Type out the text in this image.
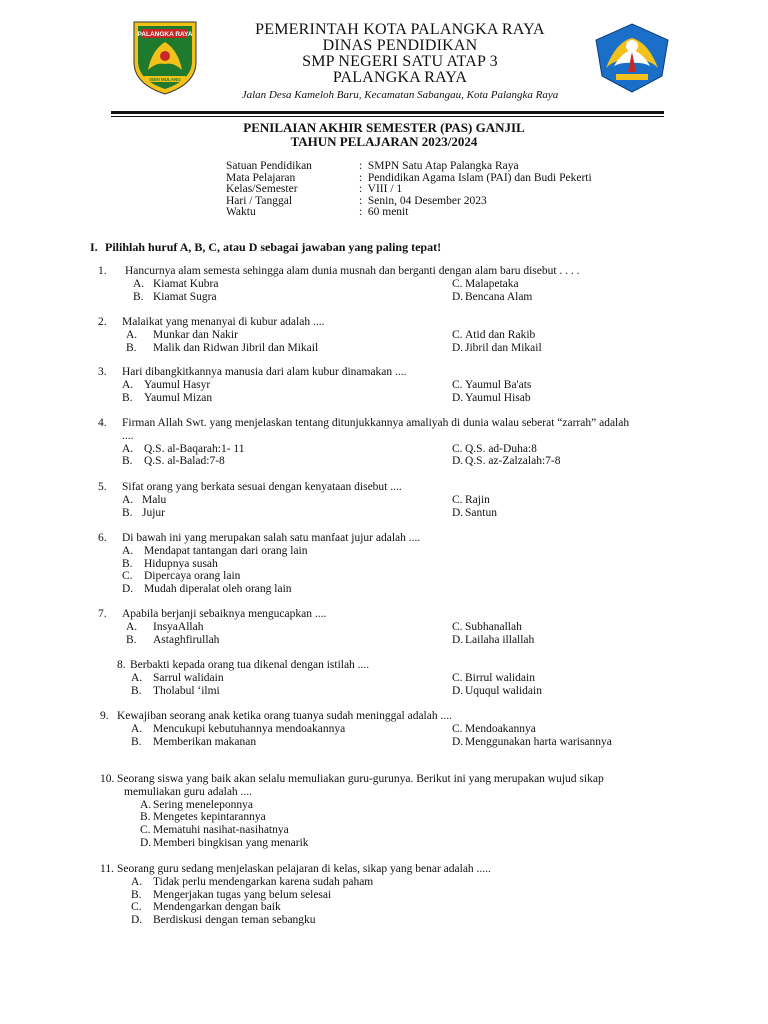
PALANGKA RAYA
ISEN MULANG
PEMERINTAH KOTA PALANGKA RAYA
DINAS PENDIDIKAN
SMP NEGERI SATU ATAP 3
PALANGKA RAYA
Jalan Desa Kameloh Baru, Kecamatan Sabangau, Kota Palangka Raya
PENILAIAN AKHIR SEMESTER (PAS) GANJIL
TAHUN PELAJARAN 2023/2024
Satuan Pendidikan	: SMPN Satu Atap Palangka Raya
Mata Pelajaran	: Pendidikan Agama Islam (PAI) dan Budi Pekerti
Kelas/Semester	: VIII / 1
Hari / Tanggal	: Senin, 04 Desember 2023
Waktu	: 60 menit
I. Pilihlah huruf A, B, C, atau D sebagai jawaban yang paling tepat!
1. Hancurnya alam semesta sehingga alam dunia musnah dan berganti dengan alam baru disebut . . . .
A. Kiamat Kubra
B. Kiamat Sugra
C. Malapetaka
D. Bencana Alam
2. Malaikat yang menanyai di kubur adalah ....
A. Munkar dan Nakir
B. Malik dan Ridwan Jibril dan Mikail
C. Atid dan Rakib
D. Jibril dan Mikail
3. Hari dibangkitkannya manusia dari alam kubur dinamakan ....
A. Yaumul Hasyr
B. Yaumul Mizan
C. Yaumul Ba'ats
D. Yaumul Hisab
4. Firman Allah Swt. yang menjelaskan tentang ditunjukkannya amaliyah di dunia walau seberat “zarrah” adalah
....
A. Q.S. al-Baqarah:1- 11
B. Q.S. al-Balad:7-8
C. Q.S. ad-Duha:8
D. Q.S. az-Zalzalah:7-8
5. Sifat orang yang berkata sesuai dengan kenyataan disebut ....
A. Malu
B. Jujur
C. Rajin
D. Santun
6. Di bawah ini yang merupakan salah satu manfaat jujur adalah ....
A. Mendapat tantangan dari orang lain
B. Hidupnya susah
C. Dipercaya orang lain
D. Mudah diperalat oleh orang lain
7. Apabila berjanji sebaiknya mengucapkan ....
A. InsyaAllah
B. Astaghfirullah
C. Subhanallah
D. Lailaha illallah
8. Berbakti kepada orang tua dikenal dengan istilah ....
A. Sarrul walidain
B. Tholabul ‘ilmi
C. Birrul walidain
D. Uququl walidain
9. Kewajiban seorang anak ketika orang tuanya sudah meninggal adalah ....
A. Mencukupi kebutuhannya mendoakannya
B. Memberikan makanan
C. Mendoakannya
D. Menggunakan harta warisannya
10. Seorang siswa yang baik akan selalu memuliakan guru-gurunya. Berikut ini yang merupakan wujud sikap
memuliakan guru adalah ....
A. Sering meneleponnya
B. Mengetes kepintarannya
C. Mematuhi nasihat-nasihatnya
D. Memberi bingkisan yang menarik
11. Seorang guru sedang menjelaskan pelajaran di kelas, sikap yang benar adalah .....
A. Tidak perlu mendengarkan karena sudah paham
B. Mengerjakan tugas yang belum selesai
C. Mendengarkan dengan baik
D. Berdiskusi dengan teman sebangku
